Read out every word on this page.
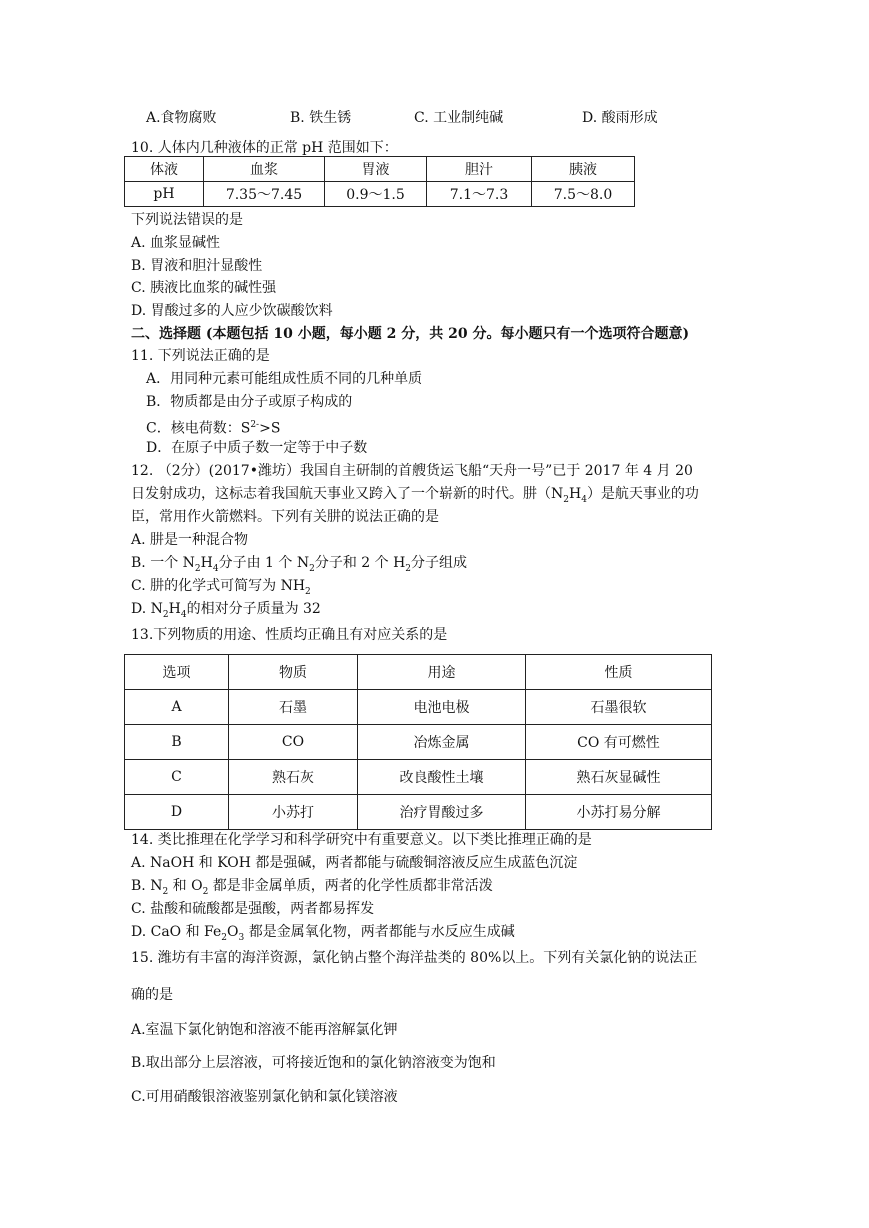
A.食物腐败	B. 铁生锈	C. 工业制纯碱	D. 酸雨形成
10. 人体内几种液体的正常 pH 范围如下：
体液	血浆	胃液	胆汁	胰液
pH	7.35～7.45	0.9～1.5	7.1～7.3	7.5～8.0
下列说法错误的是
A. 血浆显碱性
B. 胃液和胆汁显酸性
C. 胰液比血浆的碱性强
D. 胃酸过多的人应少饮碳酸饮料
二、选择题 (本题包括 10 小题，每小题 2 分，共 20 分。每小题只有一个选项符合题意)
11. 下列说法正确的是
A．用同种元素可能组成性质不同的几种单质
B．物质都是由分子或原子构成的
C．核电荷数：$S^{2-}>S$
D．在原子中质子数一定等于中子数
12. （2分）(2017•潍坊）我国自主研制的首艘货运飞船“天舟一号”已于 2017 年 4 月 20
日发射成功，这标志着我国航天事业又跨入了一个崭新的时代。肼$(N_2H_4)$是航天事业的功
臣，常用作火箭燃料。下列有关肼的说法正确的是
A. 肼是一种混合物
B. 一个 $N_2H_4$分子由 1 个 $N_2$分子和 2 个 $H_2$分子组成
C. 肼的化学式可简写为 $NH_2$
D. $N_2H_4$的相对分子质量为 32
13.下列物质的用途、性质均正确且有对应关系的是
选项	物质	用途	性质
A	石墨	电池电极	石墨很软
B	CO	冶炼金属	CO 有可燃性
C	熟石灰	改良酸性土壤	熟石灰显碱性
D	小苏打	治疗胃酸过多	小苏打易分解
14. 类比推理在化学学习和科学研究中有重要意义。以下类比推理正确的是
A. NaOH 和 KOH 都是强碱，两者都能与硫酸铜溶液反应生成蓝色沉淀
B. $N_2$ 和 $O_2$ 都是非金属单质，两者的化学性质都非常活泼
C. 盐酸和硫酸都是强酸，两者都易挥发
D. CaO 和 $Fe_2O_3$ 都是金属氧化物，两者都能与水反应生成碱
15. 潍坊有丰富的海洋资源，氯化钠占整个海洋盐类的 80%以上。下列有关氯化钠的说法正
确的是
A.室温下氯化钠饱和溶液不能再溶解氯化钾
B.取出部分上层溶液，可将接近饱和的氯化钠溶液变为饱和
C.可用硝酸银溶液鉴别氯化钠和氯化镁溶液
